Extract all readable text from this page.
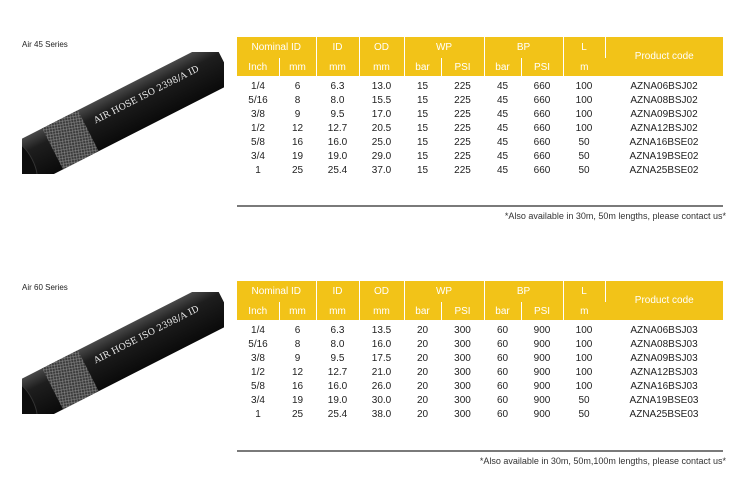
Air 45 Series
AIR HOSE ISO 2398/A ID
Nominal ID		ID	OD	WP		BP		L	Product code
Inch	mm	mm	mm	bar	PSI	bar	PSI	m	
1/4	6	6.3	13.0	15	225	45	660	100	AZNA06BSJ02
5/16	8	8.0	15.5	15	225	45	660	100	AZNA08BSJ02
3/8	9	9.5	17.0	15	225	45	660	100	AZNA09BSJ02
1/2	12	12.7	20.5	15	225	45	660	100	AZNA12BSJ02
5/8	16	16.0	25.0	15	225	45	660	50	AZNA16BSE02
3/4	19	19.0	29.0	15	225	45	660	50	AZNA19BSE02
1	25	25.4	37.0	15	225	45	660	50	AZNA25BSE02
*Also available in 30m, 50m lengths, please contact us*
Air 60 Series
AIR HOSE ISO 2398/A ID
Nominal ID		ID	OD	WP		BP		L	Product code
Inch	mm	mm	mm	bar	PSI	bar	PSI	m	
1/4	6	6.3	13.5	20	300	60	900	100	AZNA06BSJ03
5/16	8	8.0	16.0	20	300	60	900	100	AZNA08BSJ03
3/8	9	9.5	17.5	20	300	60	900	100	AZNA09BSJ03
1/2	12	12.7	21.0	20	300	60	900	100	AZNA12BSJ03
5/8	16	16.0	26.0	20	300	60	900	100	AZNA16BSJ03
3/4	19	19.0	30.0	20	300	60	900	50	AZNA19BSE03
1	25	25.4	38.0	20	300	60	900	50	AZNA25BSE03
*Also available in 30m, 50m,100m lengths, please contact us*
